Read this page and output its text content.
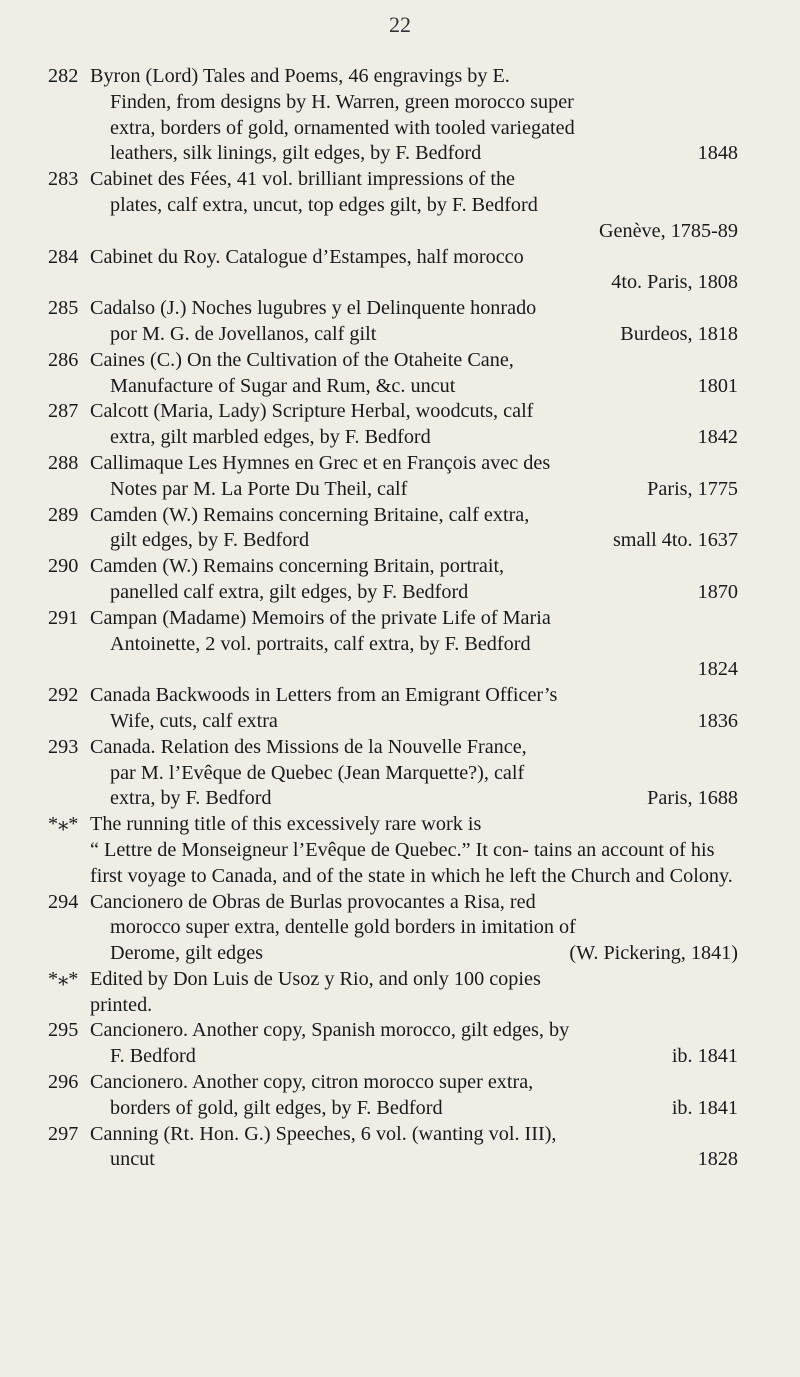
22
282 Byron (Lord) Tales and Poems, 46 engravings by E.
Finden, from designs by H. Warren, green morocco super
extra, borders of gold, ornamented with tooled variegated
leathers, silk linings, gilt edges, by F. Bedford	1848
283 Cabinet des Fées, 41 vol. brilliant impressions of the
plates, calf extra, uncut, top edges gilt, by F. Bedford
Genève, 1785-89
284 Cabinet du Roy. Catalogue d’Estampes, half morocco
4to. Paris, 1808
285 Cadalso (J.) Noches lugubres y el Delinquente honrado
por M. G. de Jovellanos, calf gilt	Burdeos, 1818
286 Caines (C.) On the Cultivation of the Otaheite Cane,
Manufacture of Sugar and Rum, &c. uncut	1801
287 Calcott (Maria, Lady) Scripture Herbal, woodcuts, calf
extra, gilt marbled edges, by F. Bedford	1842
288 Callimaque Les Hymnes en Grec et en François avec des
Notes par M. La Porte Du Theil, calf	Paris, 1775
289 Camden (W.) Remains concerning Britaine, calf extra,
gilt edges, by F. Bedford	small 4to. 1637
290 Camden (W.) Remains concerning Britain, portrait,
panelled calf extra, gilt edges, by F. Bedford	1870
291 Campan (Madame) Memoirs of the private Life of Maria
Antoinette, 2 vol. portraits, calf extra, by F. Bedford
1824
292 Canada Backwoods in Letters from an Emigrant Officer’s
Wife, cuts, calf extra	1836
293 Canada. Relation des Missions de la Nouvelle France,
par M. l’Evêque de Quebec (Jean Marquette?), calf
extra, by F. Bedford	Paris, 1688
*⁎* The running title of this excessively rare work is
“ Lettre de Monseigneur l’Evêque de Quebec.” It con- tains an account of his first voyage to Canada, and of the state in which he left the Church and Colony.
294 Cancionero de Obras de Burlas provocantes a Risa, red
morocco super extra, dentelle gold borders in imitation of
Derome, gilt edges	(W. Pickering, 1841)
*⁎* Edited by Don Luis de Usoz y Rio, and only 100 copies
printed.
295 Cancionero. Another copy, Spanish morocco, gilt edges, by
F. Bedford	ib. 1841
296 Cancionero. Another copy, citron morocco super extra,
borders of gold, gilt edges, by F. Bedford	ib. 1841
297 Canning (Rt. Hon. G.) Speeches, 6 vol. (wanting vol. III),
uncut	1828
